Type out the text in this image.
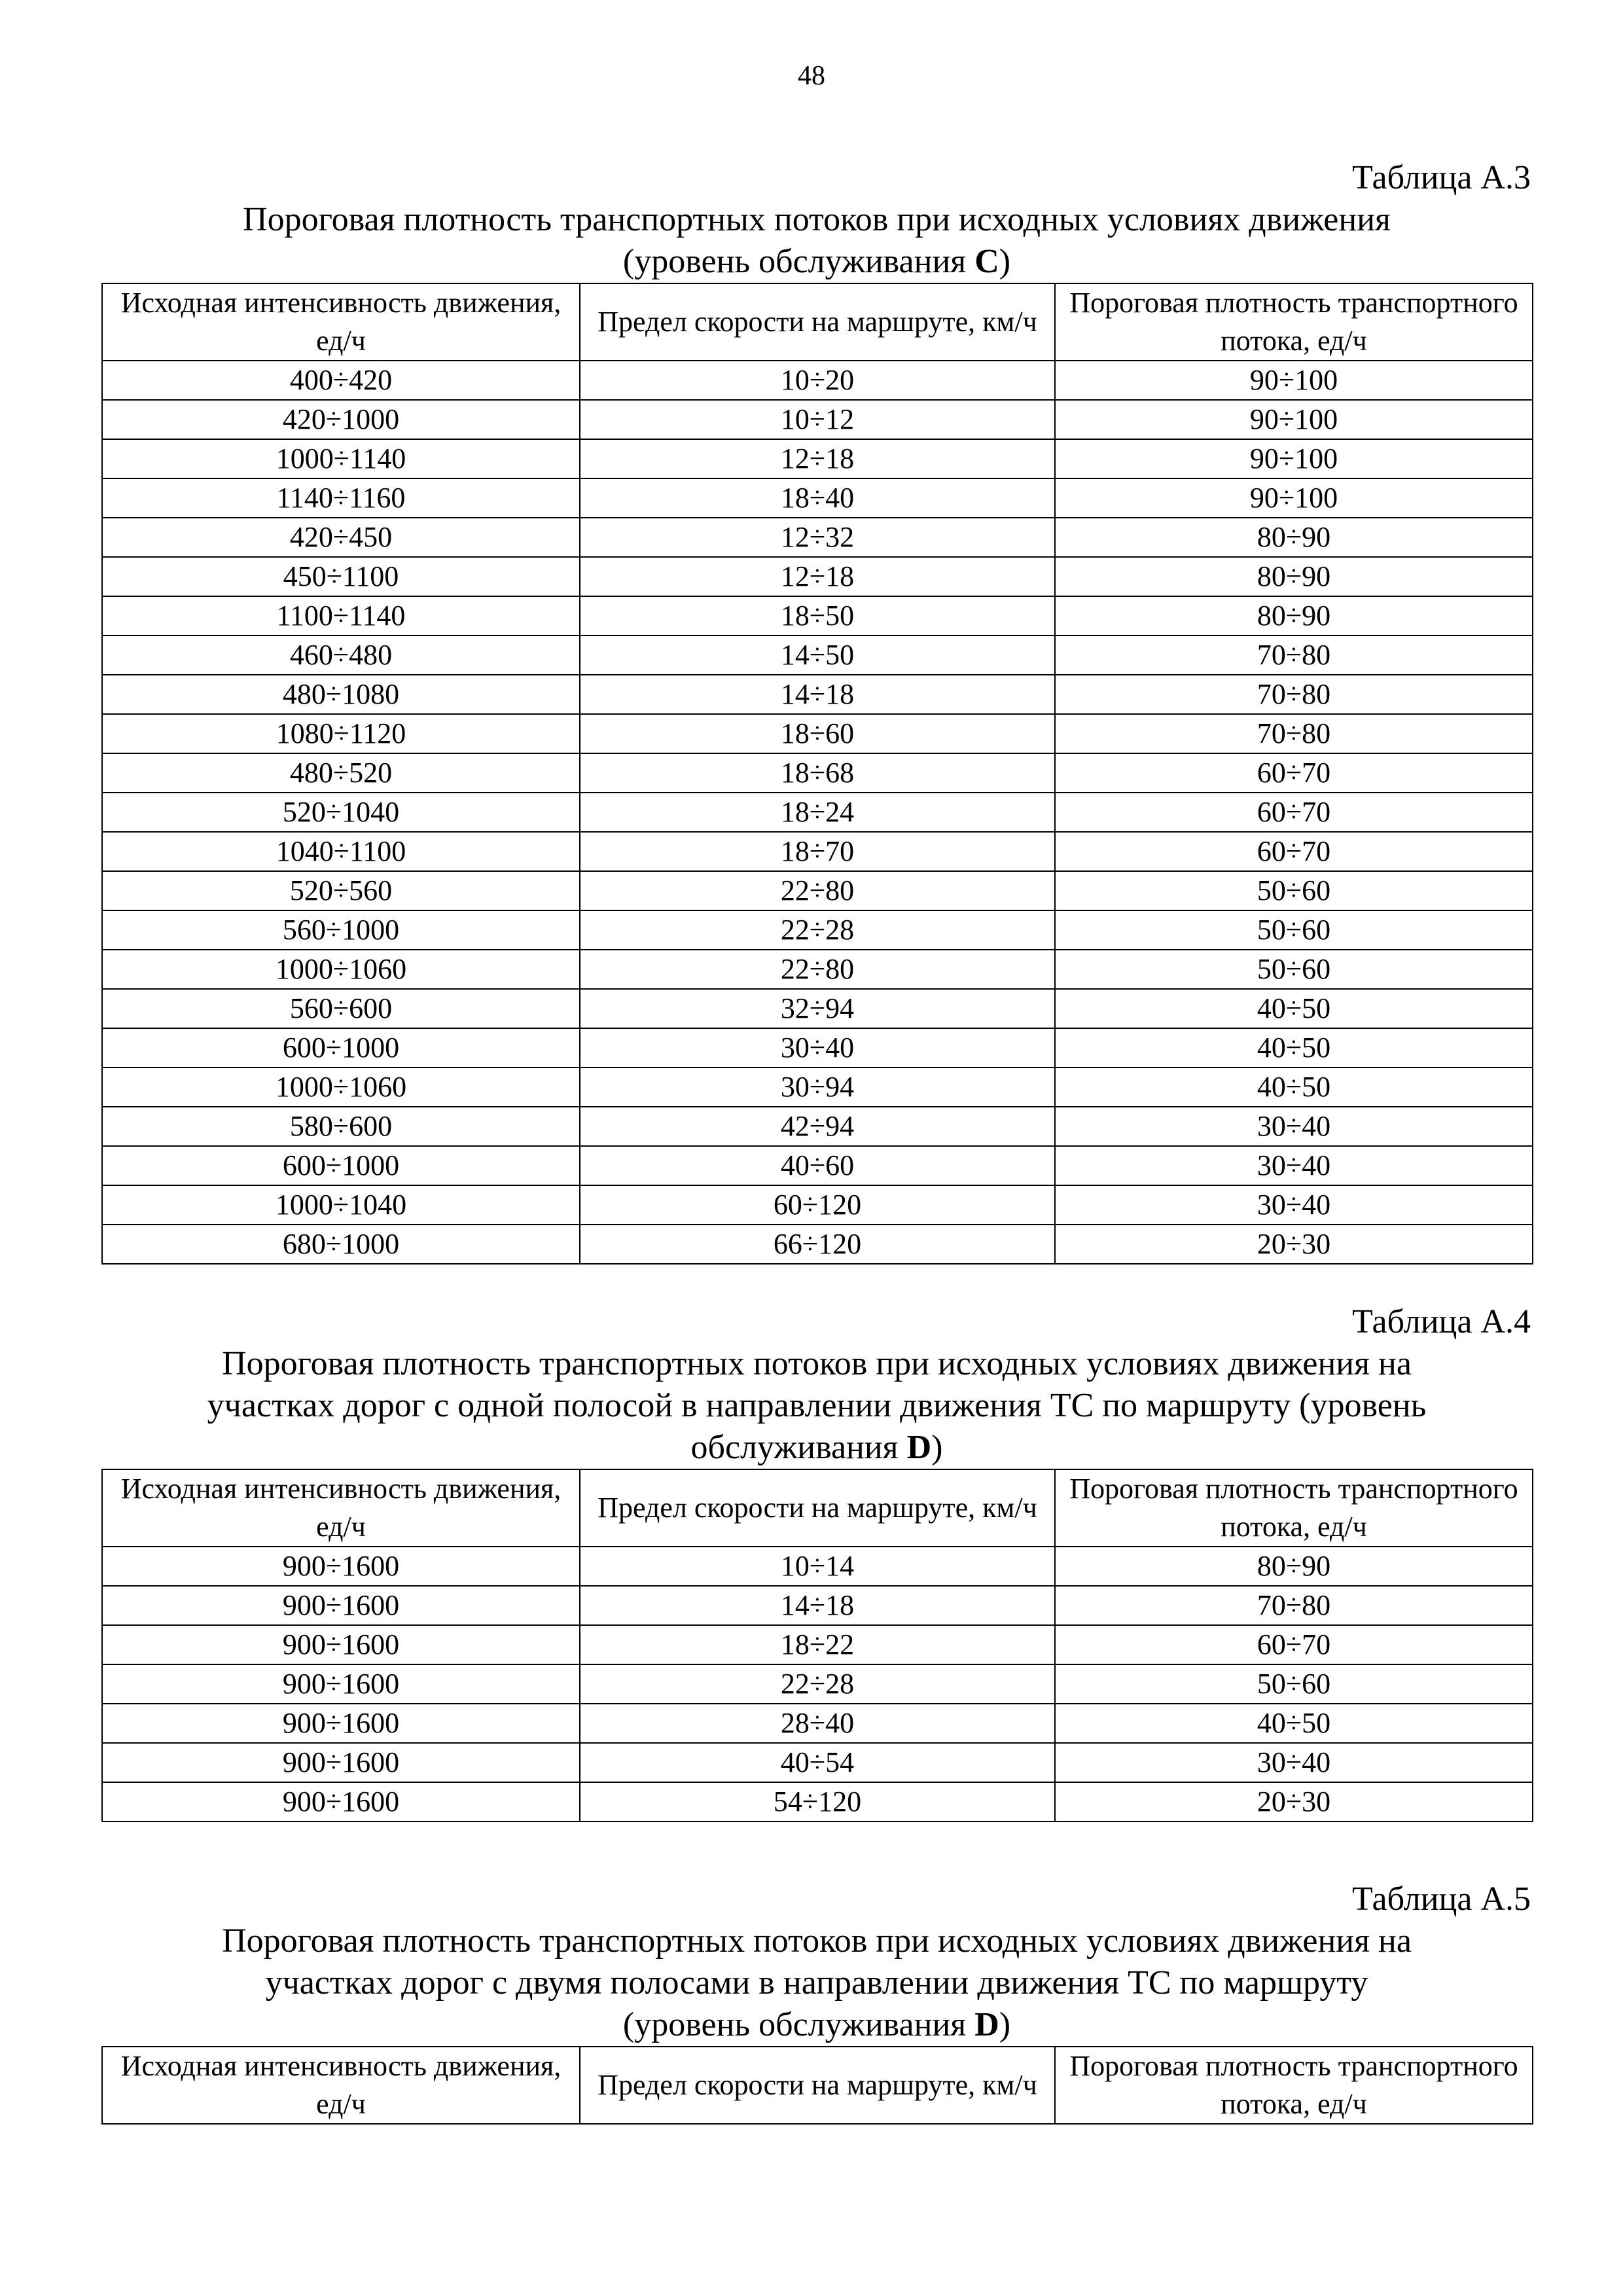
48
Таблица А.3
Пороговая плотность транспортных потоков при исходных условиях движения
(уровень обслуживания C)
Исходная интенсивность движения, ед/ч	Предел скорости на маршруте, км/ч	Пороговая плотность транспортного потока, ед/ч
400÷420	10÷20	90÷100
420÷1000	10÷12	90÷100
1000÷1140	12÷18	90÷100
1140÷1160	18÷40	90÷100
420÷450	12÷32	80÷90
450÷1100	12÷18	80÷90
1100÷1140	18÷50	80÷90
460÷480	14÷50	70÷80
480÷1080	14÷18	70÷80
1080÷1120	18÷60	70÷80
480÷520	18÷68	60÷70
520÷1040	18÷24	60÷70
1040÷1100	18÷70	60÷70
520÷560	22÷80	50÷60
560÷1000	22÷28	50÷60
1000÷1060	22÷80	50÷60
560÷600	32÷94	40÷50
600÷1000	30÷40	40÷50
1000÷1060	30÷94	40÷50
580÷600	42÷94	30÷40
600÷1000	40÷60	30÷40
1000÷1040	60÷120	30÷40
680÷1000	66÷120	20÷30
Таблица А.4
Пороговая плотность транспортных потоков при исходных условиях движения на
участках дорог с одной полосой в направлении движения ТС по маршруту (уровень
обслуживания D)
Исходная интенсивность движения, ед/ч	Предел скорости на маршруте, км/ч	Пороговая плотность транспортного потока, ед/ч
900÷1600	10÷14	80÷90
900÷1600	14÷18	70÷80
900÷1600	18÷22	60÷70
900÷1600	22÷28	50÷60
900÷1600	28÷40	40÷50
900÷1600	40÷54	30÷40
900÷1600	54÷120	20÷30
Таблица А.5
Пороговая плотность транспортных потоков при исходных условиях движения на
участках дорог с двумя полосами в направлении движения ТС по маршруту
(уровень обслуживания D)
Исходная интенсивность движения, ед/ч	Предел скорости на маршруте, км/ч	Пороговая плотность транспортного потока, ед/ч
